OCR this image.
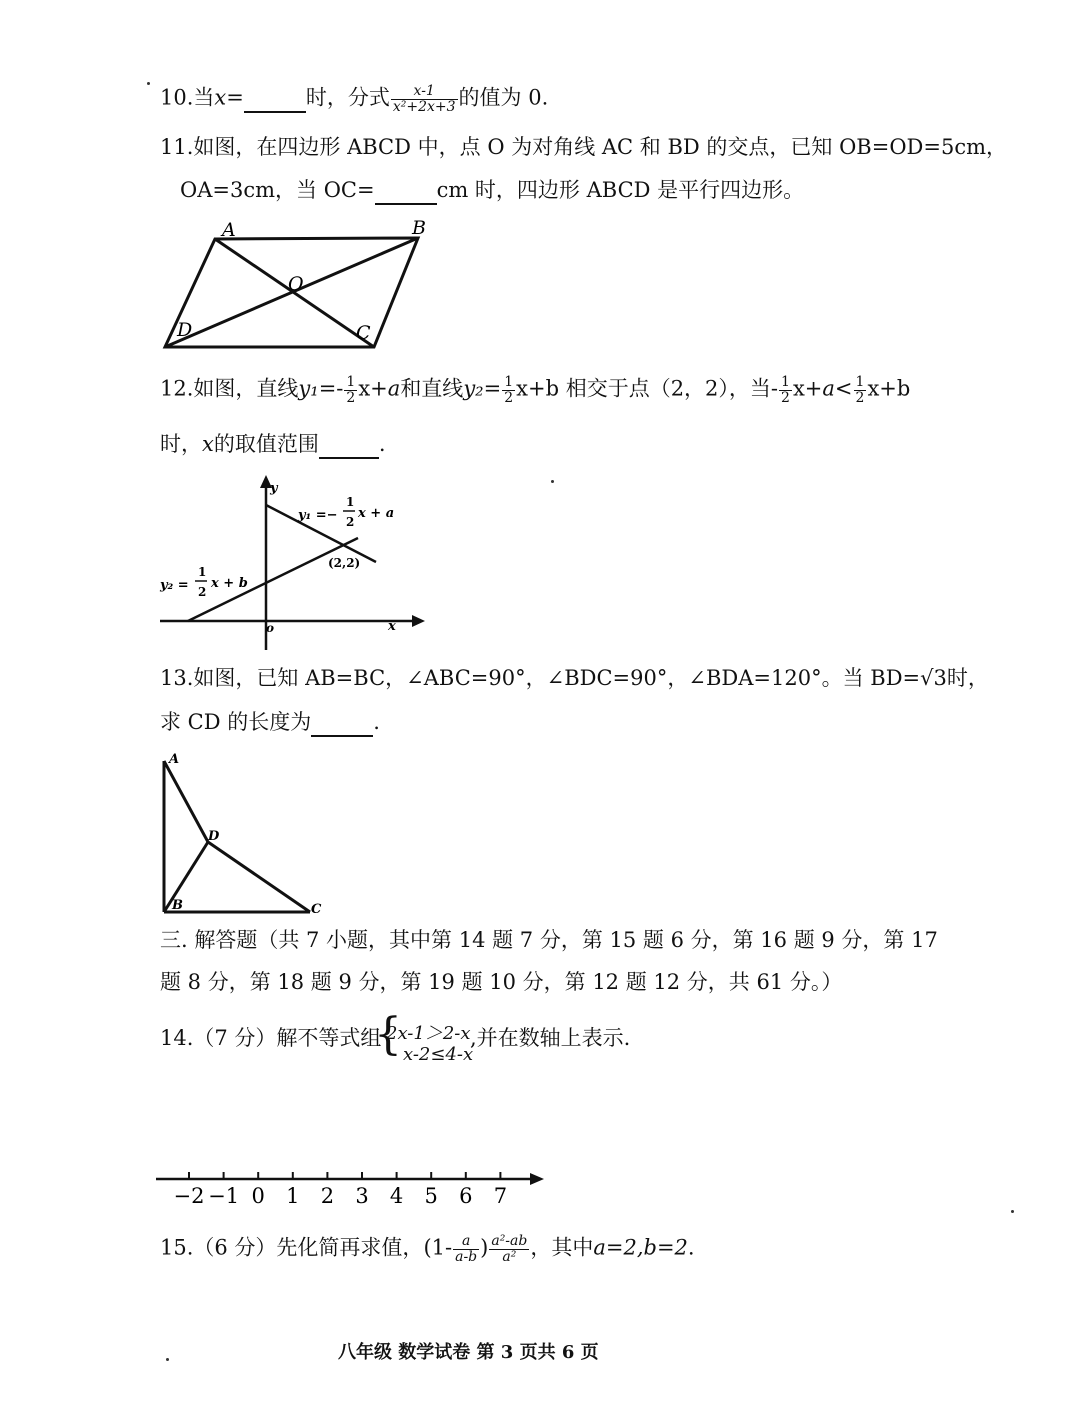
10.当x=	时，分式 $\frac{x-1}{\text{x²+2x+3}}$ 的值为 0.
11.如图，在四边形 ABCD 中，点 O 为对角线 AC 和 BD 的交点，已知 OB=OD=5cm，
OA=3cm，当 OC=	cm 时，四边形 ABCD 是平行四边形。
A	B
C
D
O
12.如图，直线$y_1=- \frac{1}{2} x+a$和直线$y_2= \frac{1}{2} x+b$ 相交于点（2，2），当- $\frac{1}{2} x+a< \frac{1}{2} x+b$
时，x的取值范围	.
y
x
o
y₁ =−
1
2
x + a
y₂ =
1
2
x + b
(2,2)
13.如图，已知 AB=BC，∠ABC=90°，∠BDC=90°，∠BDA=120°。当 BD=√3时，
求 CD 的长度为	.
A
B	C
D
三. 解答题（共 7 小题，其中第 14 题 7 分，第 15 题 6 分，第 16 题 9 分，第 17
题 8 分，第 18 题 9 分，第 19 题 10 分，第 12 题 12 分，共 61 分。）
14.（7 分）解不等式组
{
2x-1＞2-x
x-2≤4-x
,并在数轴上表示.
−2 −1 0 1 2 3 4 5 6 7
15.（6 分）先化简再求值，($1- \frac{a}{a-b}$ ) $\frac{\text{a²-ab}}{\text{a²}}$ ，其中a=2,b=2.
八年级 数学试卷 第 3 页共 6 页
